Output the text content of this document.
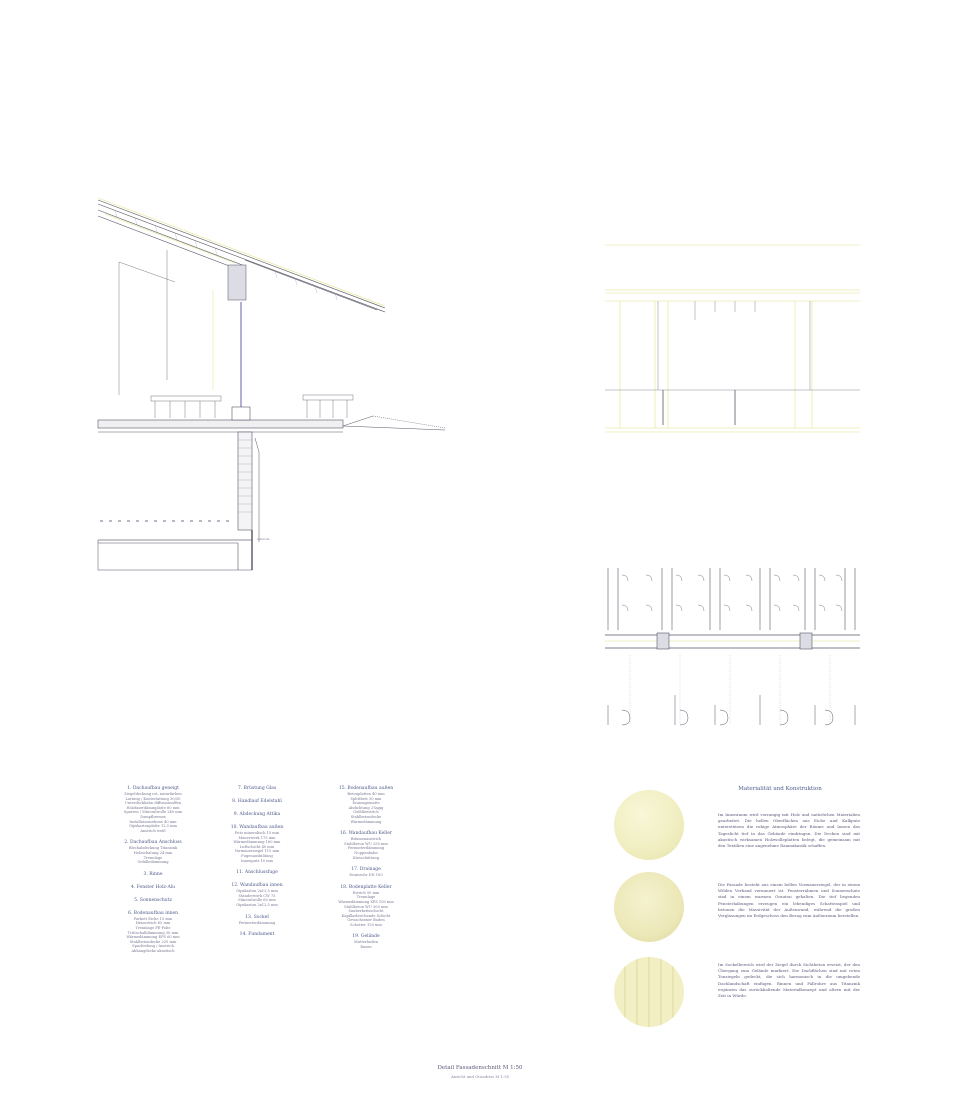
Gelände
1. Dachaufbau geneigt
Ziegeldeckung rot, naturfarben
Lattung / Konterlattung 30/50
Unterdeckbahn diffusionsoffen
Holzfaserdämmplatte 60 mm
Sparren / Mineralwolle 240 mm
Dampfbremse
Installationsebene 40 mm
Gipskartonplatte 12,5 mm
Anstrich weiß
2. Dachaufbau Anschluss
Blechabdeckung Titanzink
Holzschalung 24 mm
Trennlage
Gefälledämmung
3. Rinne
4. Fenster Holz-Alu
5. Sonnenschutz
6. Bodenaufbau innen
Parkett Eiche 15 mm
Heizestrich 65 mm
Trennlage PE-Folie
Trittschalldämmung 30 mm
Wärmedämmung EPS 60 mm
Stahlbetondecke 220 mm
Spachtelung / Anstrich
Abhangdecke akustisch
7. Brüstung Glas
8. Handlauf Edelstahl
9. Abdeckung Attika
10. Wandaufbau außen
Putz mineralisch 15 mm
Mauerwerk 175 mm
Wärmedämmung 160 mm
Luftschicht 40 mm
Vormauerziegel 115 mm
Fugenausbildung
Innenputz 10 mm
11. Anschlussfuge
12. Wandaufbau innen
Gipskarton 2x12,5 mm
Ständerwerk CW 75
Mineralwolle 60 mm
Gipskarton 2x12,5 mm
13. Sockel
Perimeterdämmung
14. Fundament
15. Bodenaufbau außen
Betonplatten 40 mm
Splittbett 30 mm
Drainagematte
Abdichtung 2-lagig
Gefälleestrich
Stahlbetondecke
Wärmedämmung
16. Wandaufbau Keller
Bitumenanstrich
Stahlbeton WU 250 mm
Perimeterdämmung
Noppenbahn
Kiesschüttung
17. Drainage
Drainrohr DN 100
18. Bodenplatte Keller
Estrich 50 mm
Trennlage
Wärmedämmung XPS 100 mm
Stahlbeton WU 300 mm
Sauberkeitsschicht
Kapillarbrechende Schicht
Gewachsener Boden
Schotter 150 mm
19. Gelände
Mutterboden
Rasen
Materialität und Konstruktion
Im Innenraum wird vorrangig mit Holz und natürlichen Materialien gearbeitet. Die hellen Oberflächen aus Eiche und Kalkputz unterstützen die ruhige Atmosphäre der Räume und lassen das Tageslicht tief in das Gebäude eindringen. Die Decken sind mit akustisch wirksamen Holzwolleplatten belegt, die gemeinsam mit den Textilien eine angenehme Raumakustik schaffen.
Die Fassade besteht aus einem hellen Vormauerziegel, der in einem Wilden Verband vermauert ist. Fensterrahmen und Sonnenschutz sind in einem warmen Grauton gehalten. Die tief liegenden Fensterlaibungen erzeugen ein lebendiges Schattenspiel und betonen die Massivität der Außenwand, während die großen Verglasungen im Erdgeschoss den Bezug zum Außenraum herstellen.
Im Sockelbereich wird der Ziegel durch Sichtbeton ersetzt, der den Übergang zum Gelände markiert. Die Dachflächen sind mit roten Tonziegeln gedeckt, die sich harmonisch in die umgebende Dachlandschaft einfügen. Rinnen und Fallrohre aus Titanzink ergänzen das zurückhaltende Materialkonzept und altern mit der Zeit in Würde.
Detail Fassadenschnitt M 1:50
Ansicht und Grundriss M 1:50
